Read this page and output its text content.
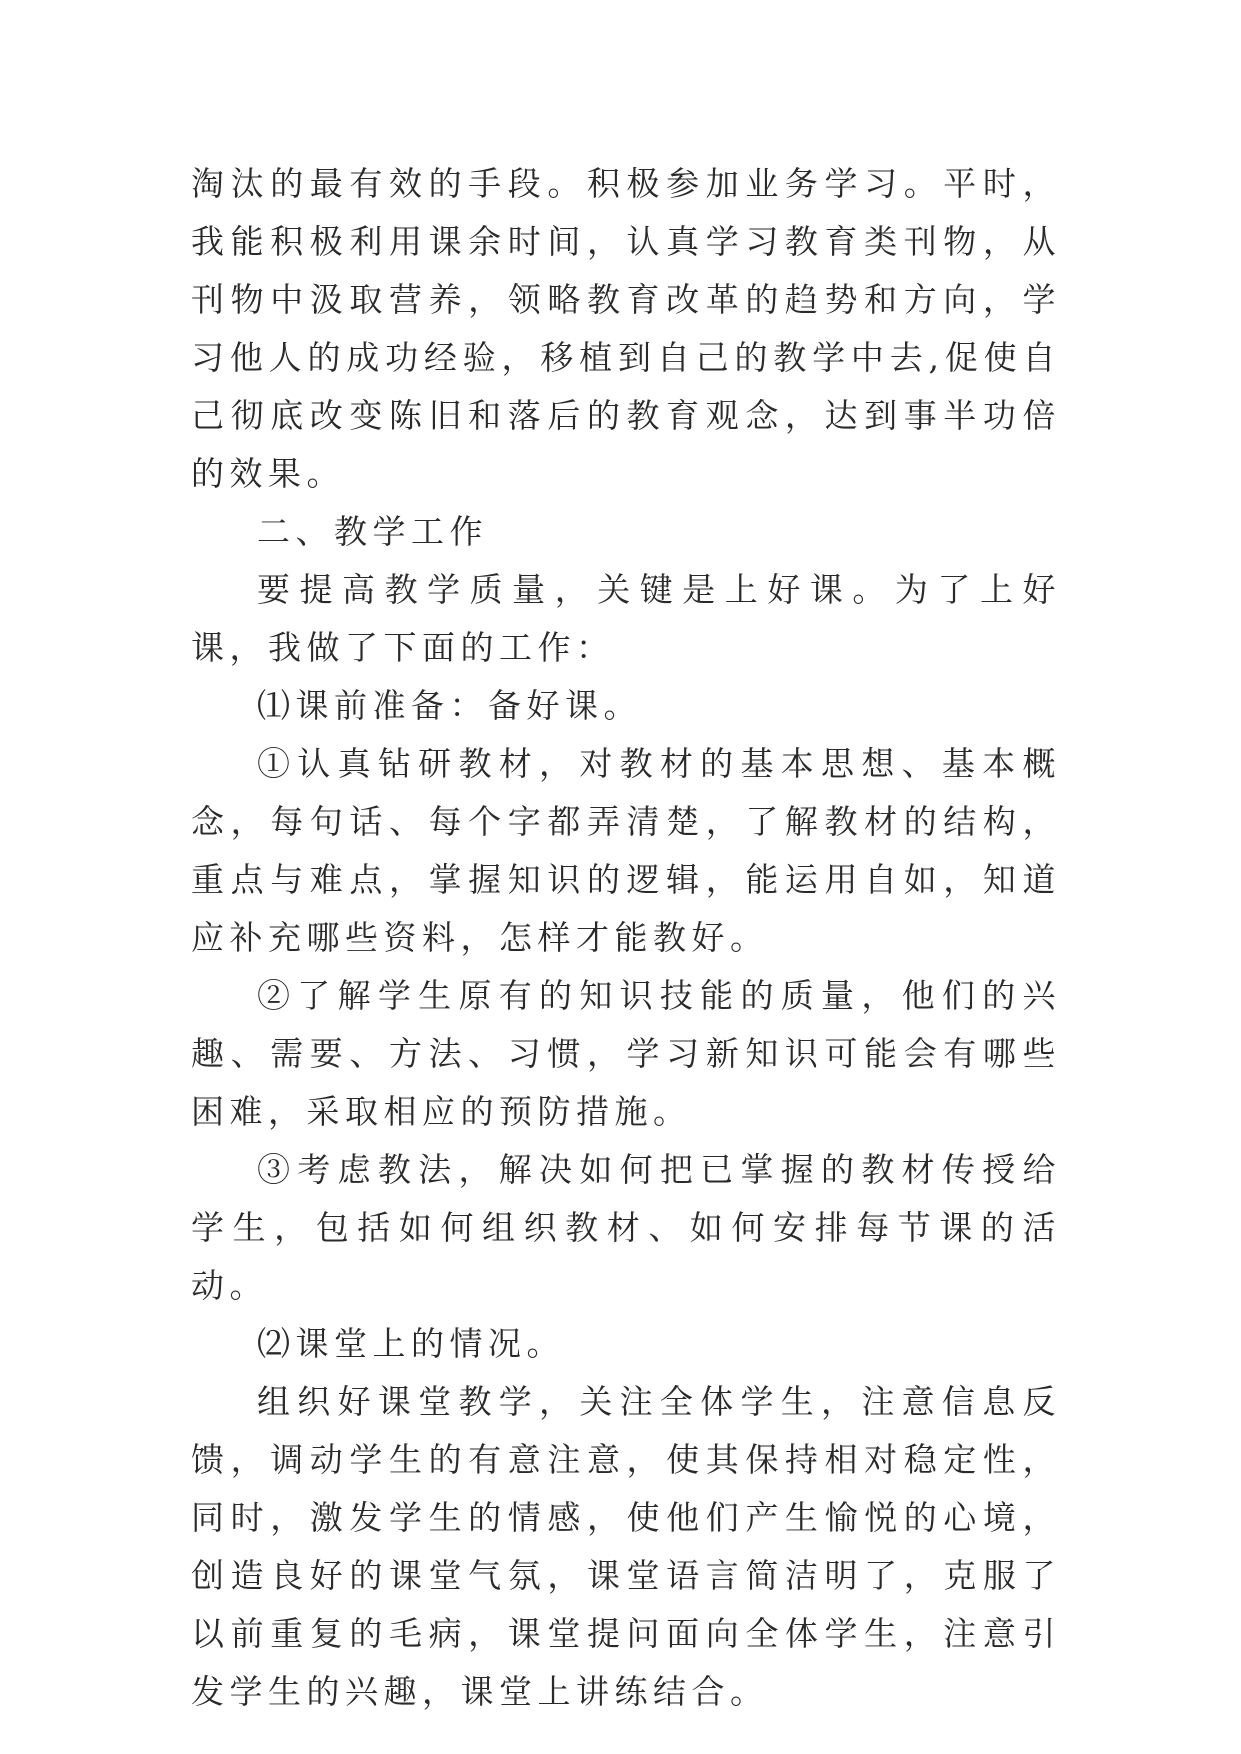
淘汰的最有效的手段。积极参加业务学习。平时，我能积极利用课余时间，认真学习教育类刊物，从刊物中汲取营养，领略教育改革的趋势和方向，学习他人的成功经验，移植到自己的教学中去,促使自己彻底改变陈旧和落后的教育观念，达到事半功倍的效果。

二、教学工作

要提高教学质量，关键是上好课。为了上好课，我做了下面的工作：

⑴课前准备：备好课。

①认真钻研教材，对教材的基本思想、基本概念，每句话、每个字都弄清楚，了解教材的结构，重点与难点，掌握知识的逻辑，能运用自如，知道应补充哪些资料，怎样才能教好。

②了解学生原有的知识技能的质量，他们的兴趣、需要、方法、习惯，学习新知识可能会有哪些困难，采取相应的预防措施。

③考虑教法，解决如何把已掌握的教材传授给学生，包括如何组织教材、如何安排每节课的活动。

⑵课堂上的情况。

组织好课堂教学，关注全体学生，注意信息反馈，调动学生的有意注意，使其保持相对稳定性，同时，激发学生的情感，使他们产生愉悦的心境，创造良好的课堂气氛，课堂语言简洁明了，克服了以前重复的毛病，课堂提问面向全体学生，注意引发学生的兴趣，课堂上讲练结合。
